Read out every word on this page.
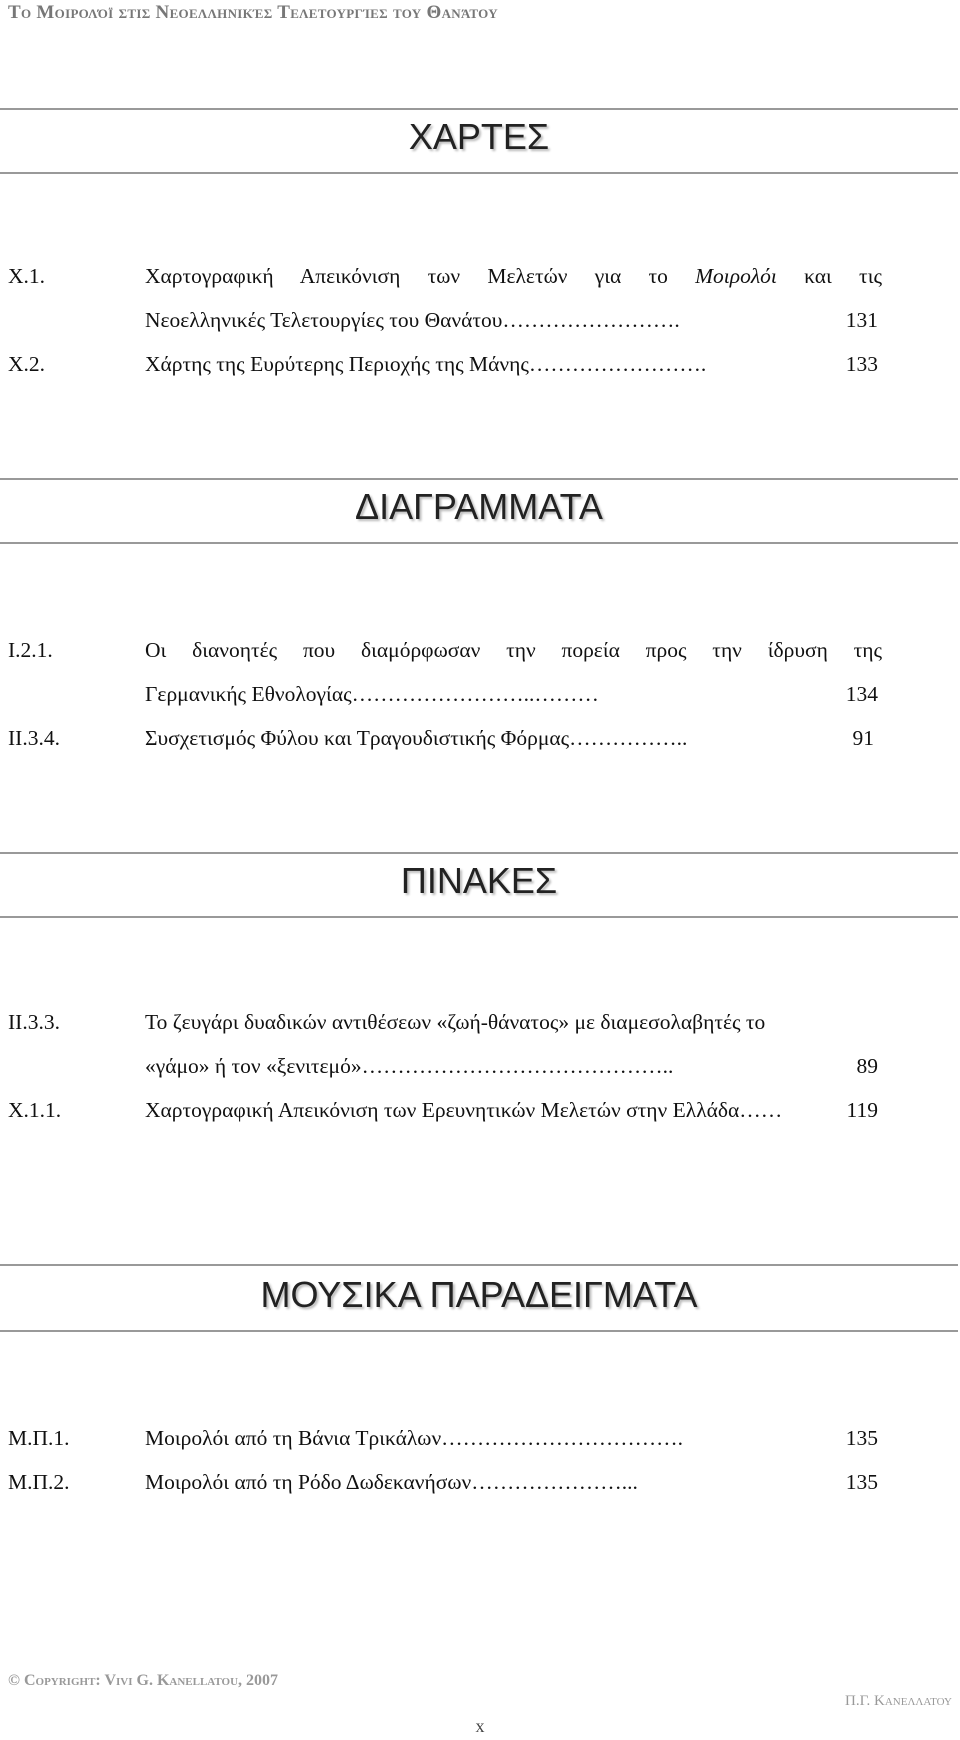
Το Μοιρολόϊ στις Νεοελληνικές Τελετουργίες του Θανάτου
ΧΑΡΤΕΣ
Χ.1.	Χαρτογραφική Απεικόνιση των Μελετών για το Μοιρολόι και τις
Νεοελληνικές Τελετουργίες του Θανάτου…………………….	131
Χ.2.	Χάρτης της Ευρύτερης Περιοχής της Μάνης…………………….	133
ΔΙΑΓΡΑΜΜΑΤΑ
Ι.2.1.	Οι διανοητές που διαμόρφωσαν την πορεία προς την ίδρυση της
Γερμανικής Εθνολογίας……………………..………	134
ΙΙ.3.4.	Συσχετισμός Φύλου και Τραγουδιστικής Φόρμας……………..	91
ΠΙΝΑΚΕΣ
ΙΙ.3.3.	Το ζευγάρι δυαδικών αντιθέσεων «ζωή-θάνατος» με διαμεσολαβητές το
«γάμο» ή τον «ξενιτεμό»……………………………………..	89
Χ.1.1.	Χαρτογραφική Απεικόνιση των Ερευνητικών Μελετών στην Ελλάδα……	119
ΜΟΥΣΙΚΑ ΠΑΡΑΔΕΙΓΜΑΤΑ
Μ.Π.1.	Μοιρολόι από τη Βάνια Τρικάλων…………………………….	135
Μ.Π.2.	Μοιρολόι από τη Ρόδο Δωδεκανήσων…………………...	135
© Copyright: Vivi G. Kanellatou, 2007
Π.Γ. Κανελλατου
x
